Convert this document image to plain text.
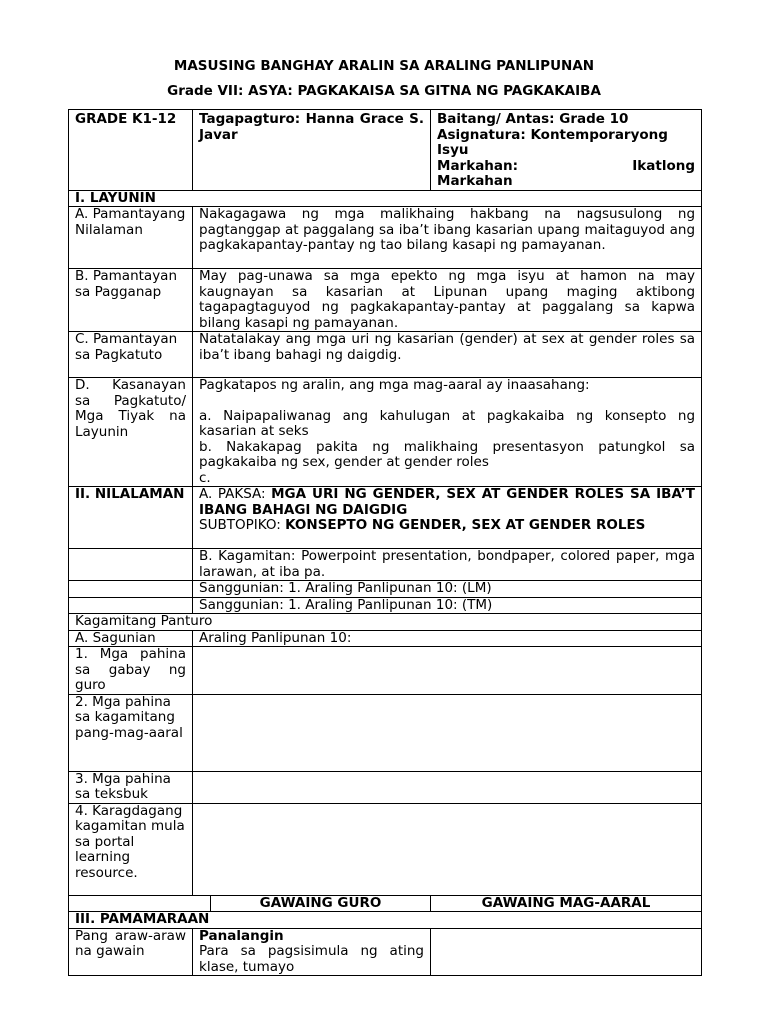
MASUSING BANGHAY ARALIN SA ARALING PANLIPUNAN
Grade VII: ASYA: PAGKAKAISA SA GITNA NG PAGKAKAIBA
GRADE K1-12	Tagapagturo: Hanna Grace S. Javar		Baitang/ Antas: Grade 10
Asignatura: Kontemporaryong Isyu
Markahan: Ikatlong
Markahan

I. LAYUNIN			
A. Pamantayang Nilalaman	Nakagagawa ng mga malikhaing hakbang na nagsusulong ng pagtanggap at paggalang sa iba’t ibang kasarian upang maitaguyod ang pagkakapantay-pantay ng tao bilang kasapi ng pamayanan.		
B. Pamantayan sa Pagganap	May pag-unawa sa mga epekto ng mga isyu at hamon na may kaugnayan sa kasarian at Lipunan upang maging aktibong tagapagtaguyod ng pagkakapantay-pantay at paggalang sa kapwa bilang kasapi ng pamayanan.		
C. Pamantayan sa Pagkatuto	Natatalakay ang mga uri ng kasarian (gender) at sex at gender roles sa iba’t ibang bahagi ng daigdig.		
D. Kasanayan sa Pagkatuto/ Mga Tiyak na Layunin	Pagkatapos ng aralin, ang mga mag-aaral ay inaasahang:
a. Naipapaliwanag ang kahulugan at pagkakaiba ng konsepto ng kasarian at seks
b. Nakakapag pakita ng malikhaing presentasyon patungkol sa pagkakaiba ng sex, gender at gender roles
c.		

II. NILALAMAN	A. PAKSA: MGA URI NG GENDER, SEX AT GENDER ROLES SA IBA’T IBANG BAHAGI NG DAIGDIG
SUBTOPIKO: KONSEPTO NG GENDER, SEX AT GENDER ROLES		

	B. Kagamitan: Powerpoint presentation, bondpaper, colored paper, mga larawan, at iba pa.		
	Sanggunian: 1. Araling Panlipunan 10: (LM)		
	Sanggunian: 1. Araling Panlipunan 10: (TM)		
Kagamitang Panturo			
A. Sagunian	Araling Panlipunan 10:		
1. Mga pahina sa gabay ng guro			
2. Mga pahina sa kagamitang pang-mag-aaral			
3. Mga pahina sa teksbuk			
4. Karagdagang kagamitan mula sa portal learning resource.			
		GAWAING GURO	GAWAING MAG-AARAL
III. PAMAMARAAN			
Pang araw-araw na gawain	Panalangin
Para sa pagsisimula ng ating klase, tumayo		
